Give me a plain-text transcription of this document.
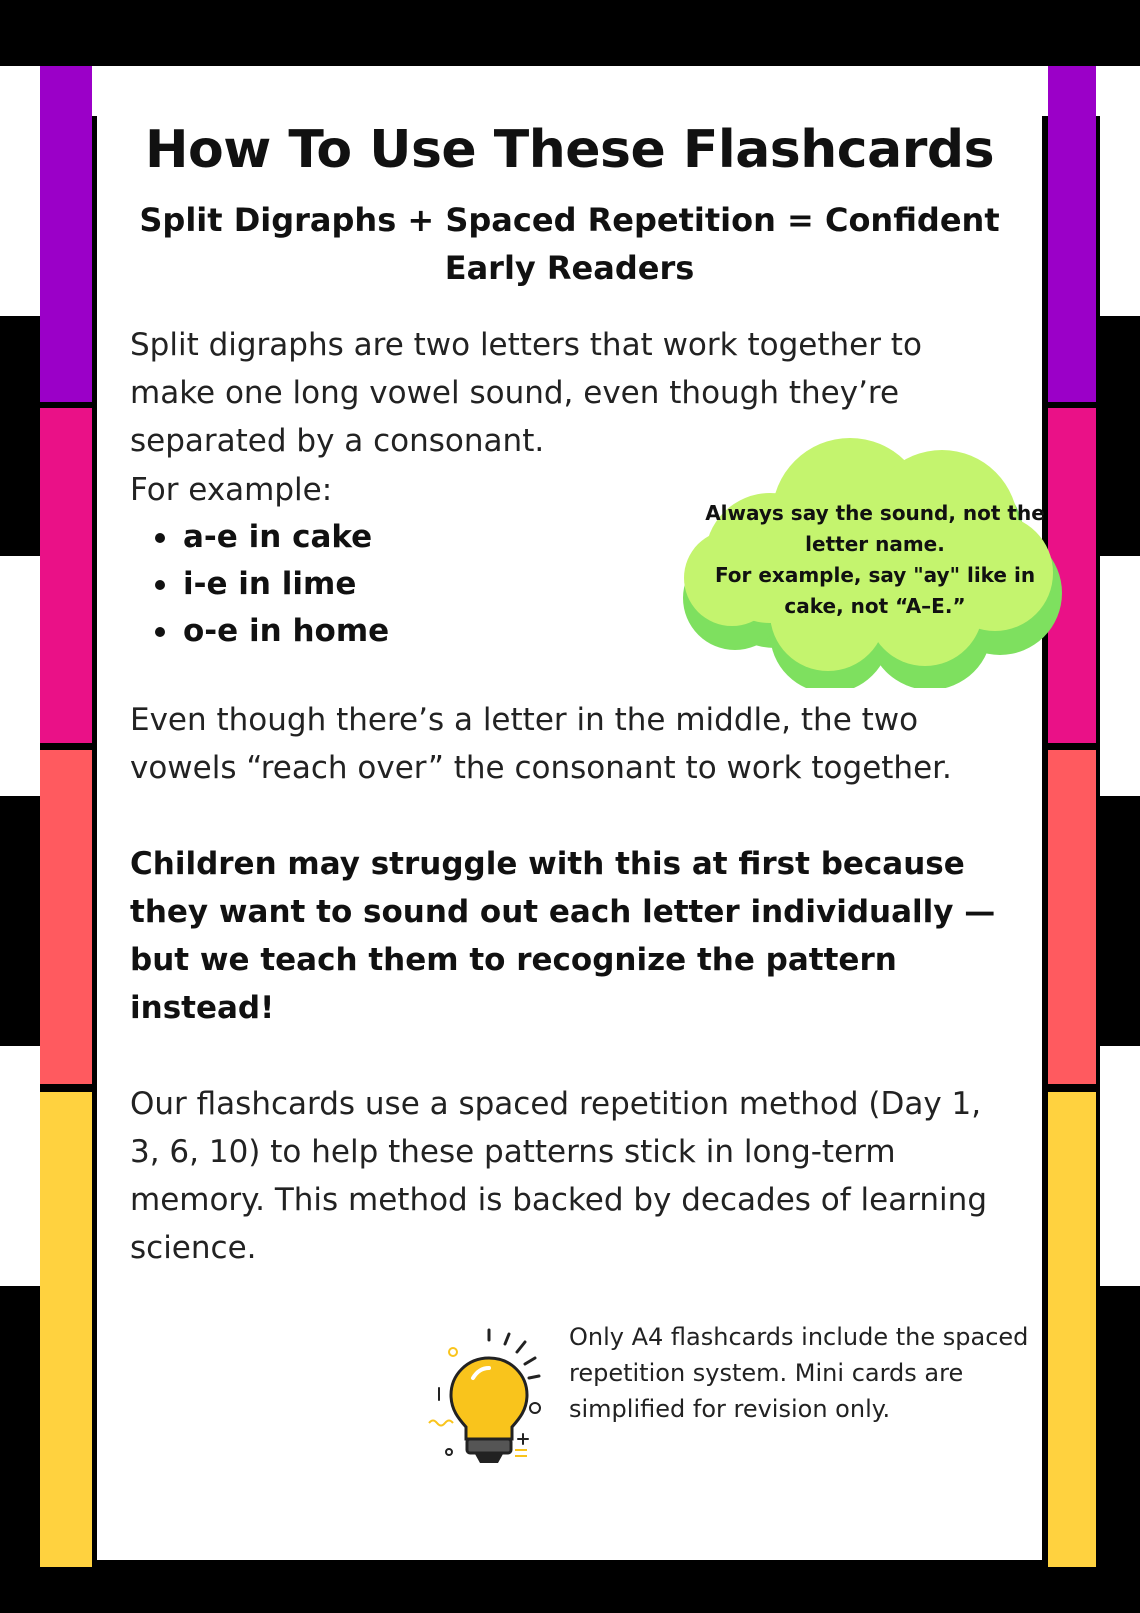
How To Use These Flashcards

Split Digraphs + Spaced Repetition = Confident Early Readers

Split digraphs are two letters that work together to make one long vowel sound, even though they’re separated by a consonant.

For example:

a-e in cake
i-e in lime
o-e in home

Always say the sound, not the letter name.
For example, say "ay" like in cake, not “A–E.”

Even though there’s a letter in the middle, the two vowels “reach over” the consonant to work together.

Children may struggle with this at first because they want to sound out each letter individually — but we teach them to recognize the pattern instead!

Our flashcards use a spaced repetition method (Day 1, 3, 6, 10) to help these patterns stick in long-term memory. This method is backed by decades of learning science.

Only A4 flashcards include the spaced repetition system. Mini cards are simplified for revision only.
